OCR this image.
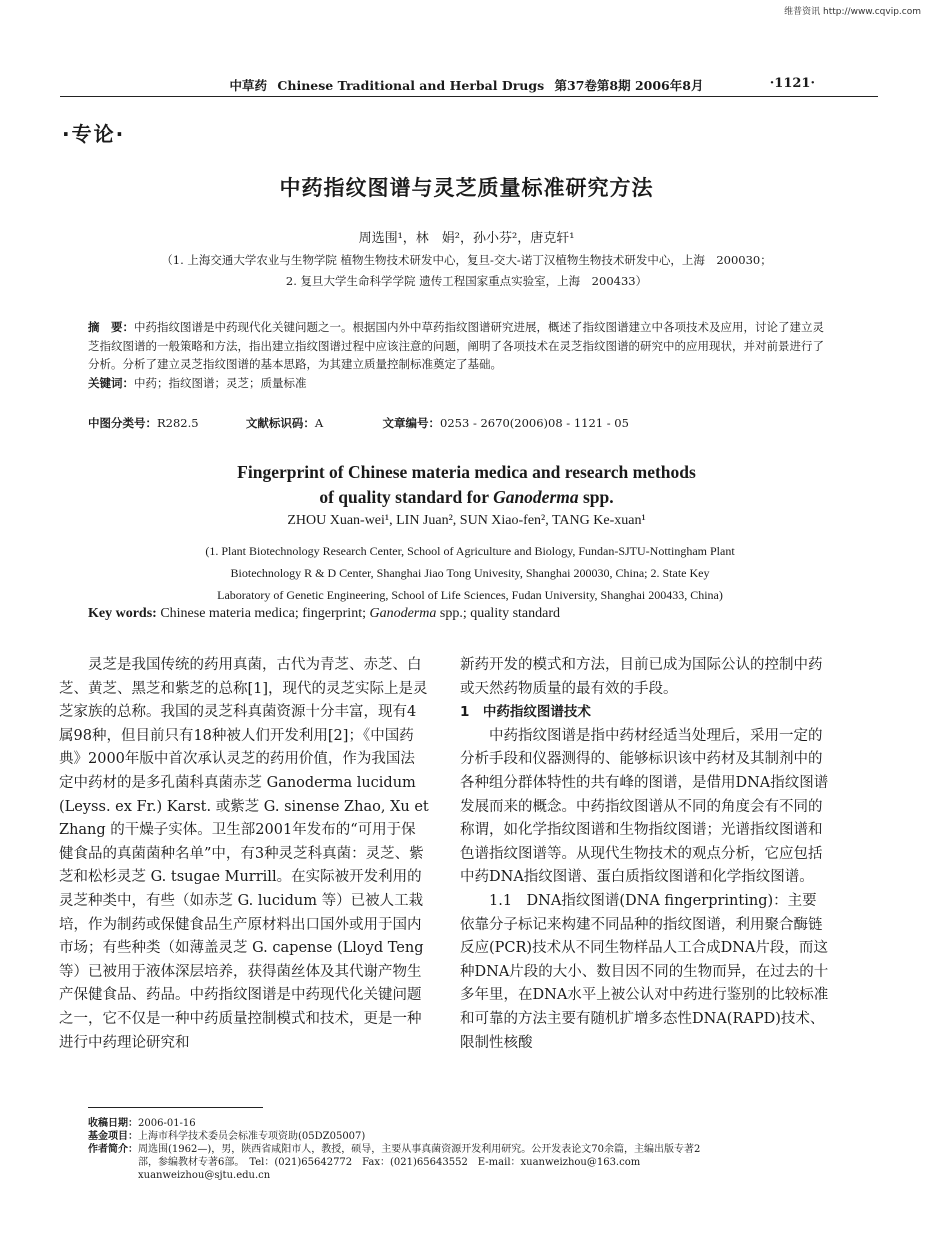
维普资讯 http://www.cqvip.com
中草药 Chinese Traditional and Herbal Drugs 第37卷第8期 2006年8月	·1121·
·专论·
中药指纹图谱与灵芝质量标准研究方法
周选围¹，林　娟²，孙小芬²，唐克轩¹
（1. 上海交通大学农业与生物学院 植物生物技术研发中心，复旦-交大-诺丁汉植物生物技术研发中心，上海　200030；
2. 复旦大学生命科学学院 遗传工程国家重点实验室，上海　200433）
摘　要：中药指纹图谱是中药现代化关键问题之一。根据国内外中草药指纹图谱研究进展，概述了指纹图谱建立中各项技术及应用，讨论了建立灵芝指纹图谱的一般策略和方法，指出建立指纹图谱过程中应该注意的问题，阐明了各项技术在灵芝指纹图谱的研究中的应用现状，并对前景进行了分析。分析了建立灵芝指纹图谱的基本思路，为其建立质量控制标准奠定了基础。
关键词：中药；指纹图谱；灵芝；质量标准
中图分类号：R282.5	文献标识码：A	文章编号：0253 - 2670(2006)08 - 1121 - 05
Fingerprint of Chinese materia medica and research methods
of quality standard for Ganoderma spp.
ZHOU Xuan-wei¹, LIN Juan², SUN Xiao-fen², TANG Ke-xuan¹
(1. Plant Biotechnology Research Center, School of Agriculture and Biology, Fundan-SJTU-Nottingham Plant
Biotechnology R & D Center, Shanghai Jiao Tong Univesity, Shanghai 200030, China; 2. State Key
Laboratory of Genetic Engineering, School of Life Sciences, Fudan University, Shanghai 200433, China)
Key words: Chinese materia medica; fingerprint; Ganoderma spp.; quality standard

灵芝是我国传统的药用真菌，古代为青芝、赤芝、白芝、黄芝、黑芝和紫芝的总称[1]，现代的灵芝实际上是灵芝家族的总称。我国的灵芝科真菌资源十分丰富，现有4属98种，但目前只有18种被人们开发利用[2]；《中国药典》2000年版中首次承认灵芝的药用价值，作为我国法定中药材的是多孔菌科真菌赤芝 Ganoderma lucidum (Leyss. ex Fr.) Karst. 或紫芝 G. sinense Zhao, Xu et Zhang 的干燥子实体。卫生部2001年发布的“可用于保健食品的真菌菌种名单”中，有3种灵芝科真菌：灵芝、紫芝和松杉灵芝 G. tsugae Murrill。在实际被开发利用的灵芝种类中，有些（如赤芝 G. lucidum 等）已被人工栽培，作为制药或保健食品生产原材料出口国外或用于国内市场；有些种类（如薄盖灵芝 G. capense (Lloyd Teng 等）已被用于液体深层培养，获得菌丝体及其代谢产物生产保健食品、药品。中药指纹图谱是中药现代化关键问题之一，它不仅是一种中药质量控制模式和技术，更是一种进行中药理论研究和

新药开发的模式和方法，目前已成为国际公认的控制中药或天然药物质量的最有效的手段。

1　中药指纹图谱技术

中药指纹图谱是指中药材经适当处理后，采用一定的分析手段和仪器测得的、能够标识该中药材及其制剂中的各种组分群体特性的共有峰的图谱，是借用DNA指纹图谱发展而来的概念。中药指纹图谱从不同的角度会有不同的称谓，如化学指纹图谱和生物指纹图谱；光谱指纹图谱和色谱指纹图谱等。从现代生物技术的观点分析，它应包括中药DNA指纹图谱、蛋白质指纹图谱和化学指纹图谱。

1.1　DNA指纹图谱(DNA fingerprinting)：主要依靠分子标记来构建不同品种的指纹图谱，利用聚合酶链反应(PCR)技术从不同生物样品人工合成DNA片段，而这种DNA片段的大小、数目因不同的生物而异，在过去的十多年里，在DNA水平上被公认对中药进行鉴别的比较标准和可靠的方法主要有随机扩增多态性DNA(RAPD)技术、限制性核酸

收稿日期：2006-01-16
基金项目：上海市科学技术委员会标准专项资助(05DZ05007)
作者简介：周选围(1962—)，男，陕西省咸阳市人，教授，硕导，主要从事真菌资源开发利用研究。公开发表论文70余篇，主编出版专著2
部，参编教材专著6部。　Tel：(021)65642772　Fax：(021)65643552　E-mail：xuanweizhou@163.com
xuanweizhou@sjtu.edu.cn
